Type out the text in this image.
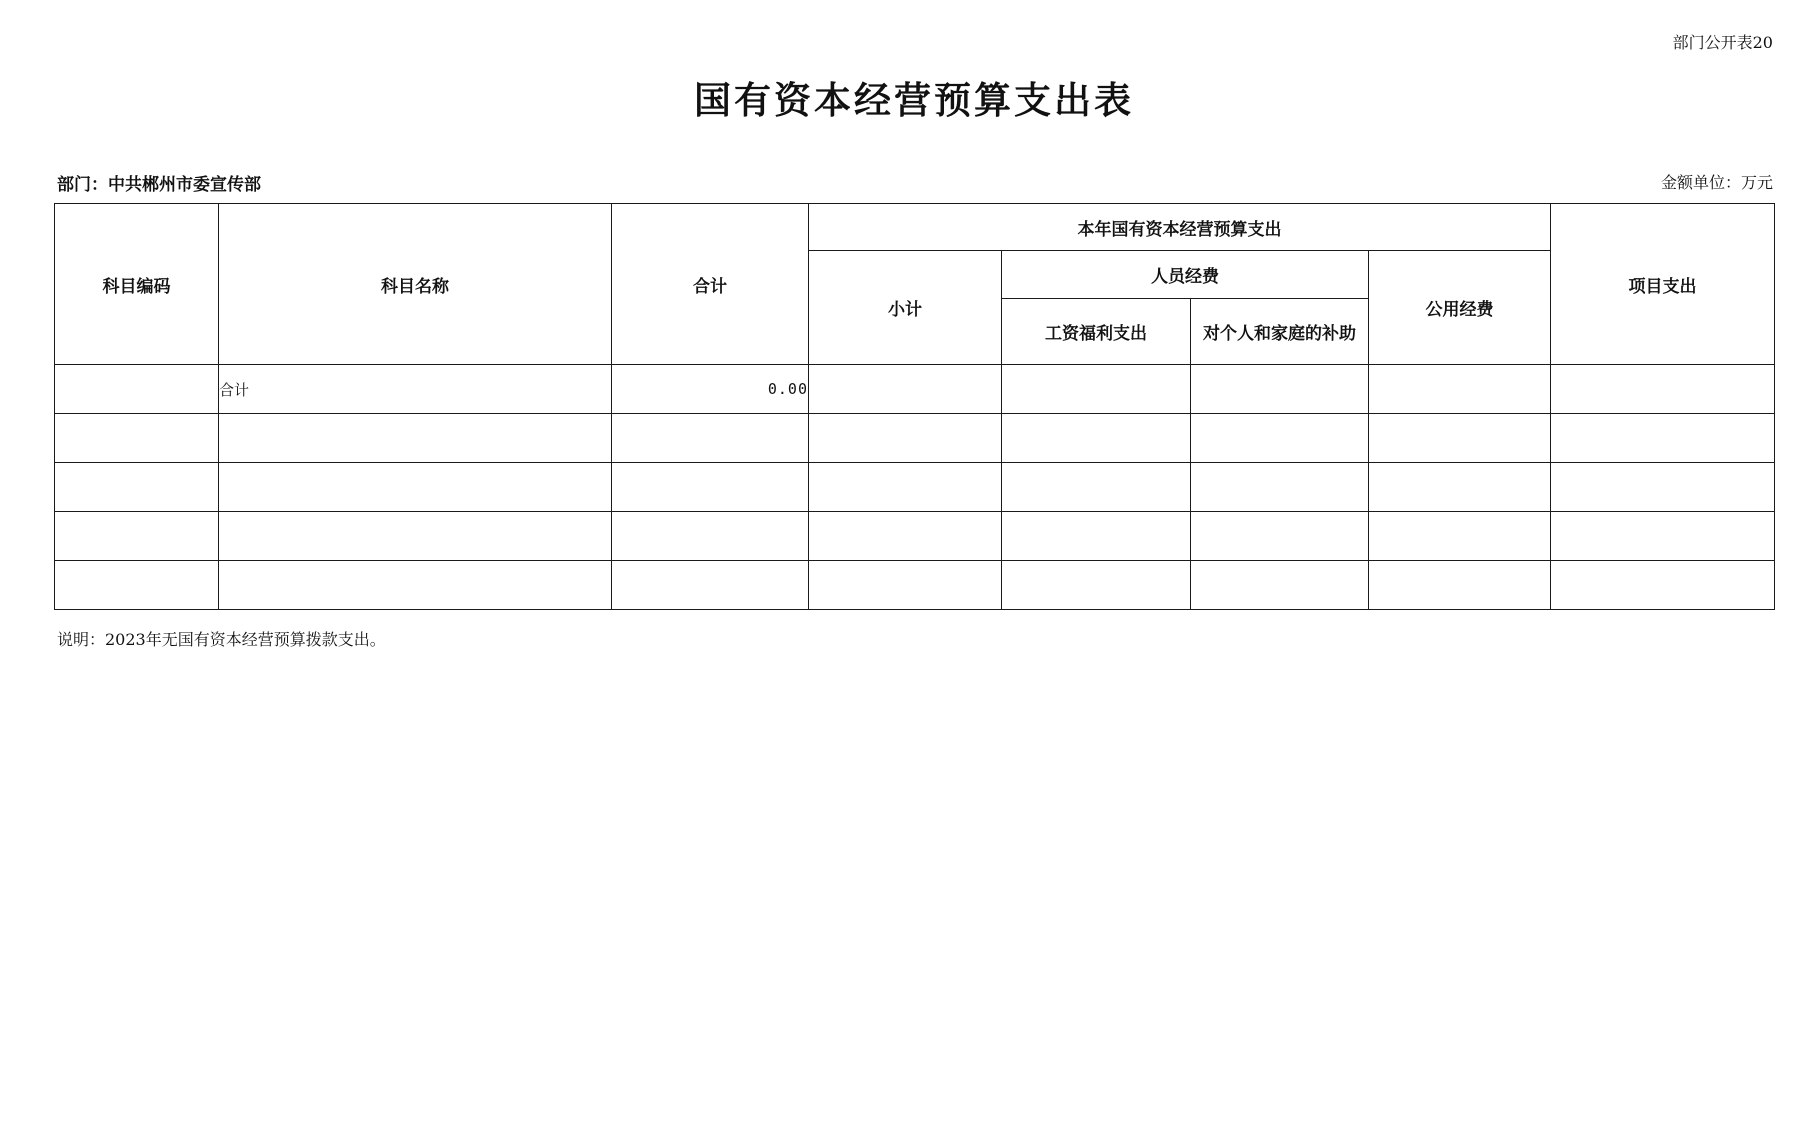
部门公开表20
国有资本经营预算支出表
部门：中共郴州市委宣传部	金额单位：万元
科目编码	科目名称	合计	本年国有资本经营预算支出				项目支出
			小计	人员经费		公用经费	
				工资福利支出	对个人和家庭的补助		
	合计	0.00					

说明：2023年无国有资本经营预算拨款支出。
